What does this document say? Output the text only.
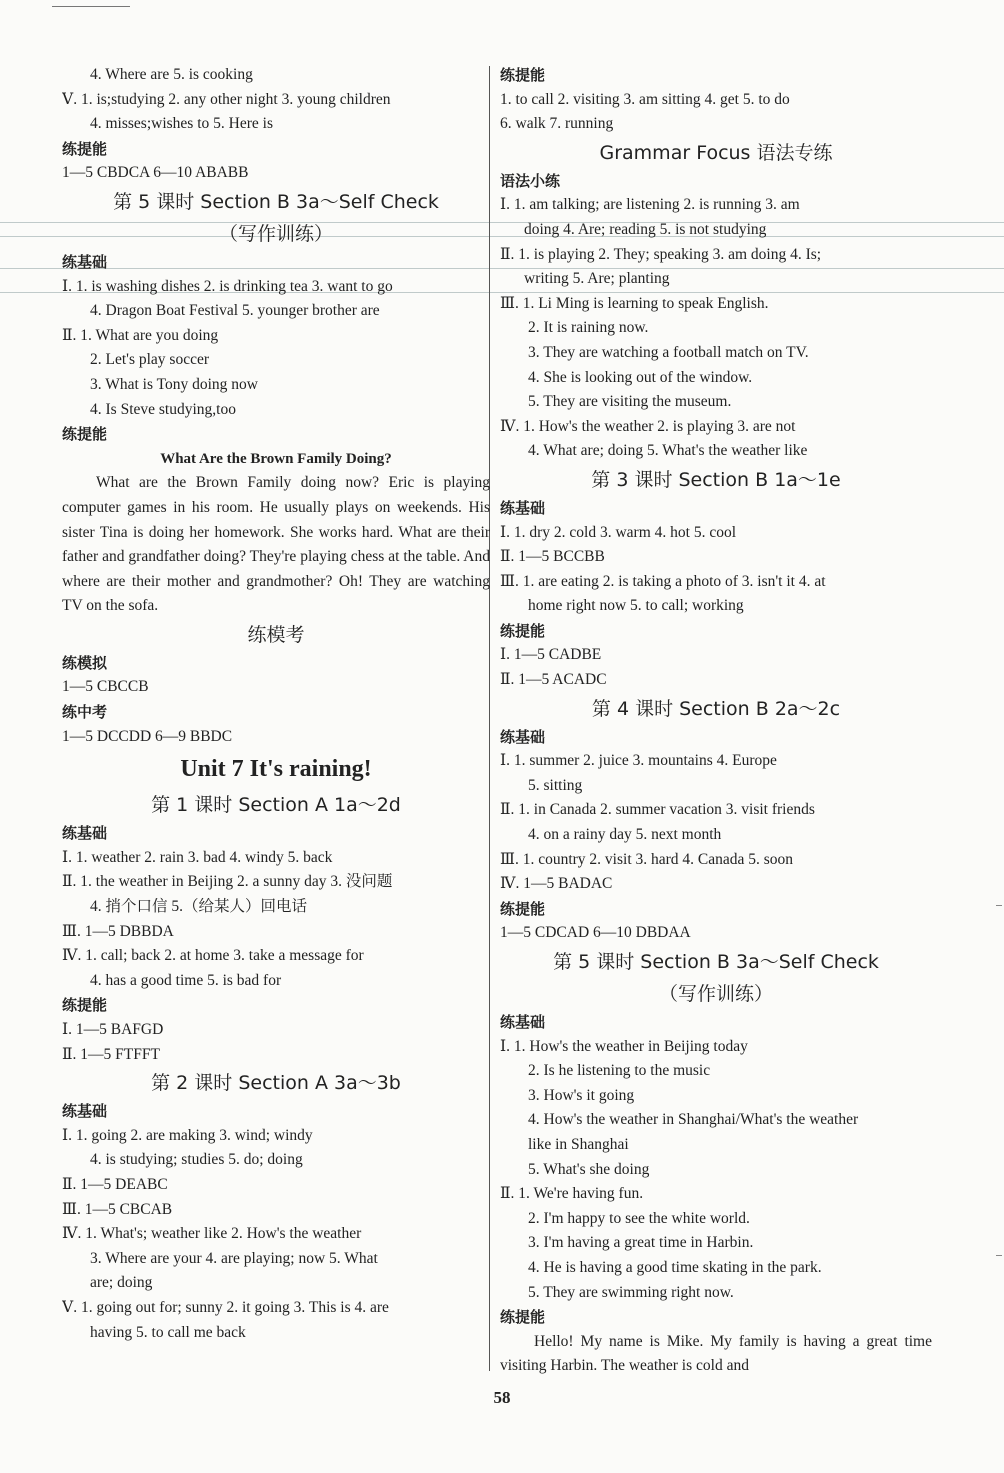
4. Where are 5. is cooking
Ⅴ. 1. is;studying 2. any other night 3. young children
4. misses;wishes to 5. Here is
练提能
1—5 CBDCA 6—10 ABABB
第 5 课时 Section B 3a～Self Check
（写作训练）
练基础
Ⅰ. 1. is washing dishes 2. is drinking tea 3. want to go
4. Dragon Boat Festival 5. younger brother are
Ⅱ. 1. What are you doing
2. Let's play soccer
3. What is Tony doing now
4. Is Steve studying,too
练提能
What Are the Brown Family Doing?
What are the Brown Family doing now? Eric is playing computer games in his room. He usually plays on weekends. His sister Tina is doing her homework. She works hard. What are their father and grandfather doing? They're playing chess at the table. And where are their mother and grandmother? Oh! They are watching TV on the sofa.
练模考
练模拟
1—5 CBCCB
练中考
1—5 DCCDD 6—9 BBDC
Unit 7 It's raining!
第 1 课时 Section A 1a～2d
练基础
Ⅰ. 1. weather 2. rain 3. bad 4. windy 5. back
Ⅱ. 1. the weather in Beijing 2. a sunny day 3. 没问题
4. 捎个口信 5.（给某人）回电话
Ⅲ. 1—5 DBBDA
Ⅳ. 1. call; back 2. at home 3. take a message for
4. has a good time 5. is bad for
练提能
Ⅰ. 1—5 BAFGD
Ⅱ. 1—5 FTFFT
第 2 课时 Section A 3a～3b
练基础
Ⅰ. 1. going 2. are making 3. wind; windy
4. is studying; studies 5. do; doing
Ⅱ. 1—5 DEABC
Ⅲ. 1—5 CBCAB
Ⅳ. 1. What's; weather like 2. How's the weather
3. Where are your 4. are playing; now 5. What
are; doing
Ⅴ. 1. going out for; sunny 2. it going 3. This is 4. are
having 5. to call me back
练提能
1. to call 2. visiting 3. am sitting 4. get 5. to do
6. walk 7. running
Grammar Focus 语法专练
语法小练
Ⅰ. 1. am talking; are listening 2. is running 3. am
doing 4. Are; reading 5. is not studying
Ⅱ. 1. is playing 2. They; speaking 3. am doing 4. Is;
writing 5. Are; planting
Ⅲ. 1. Li Ming is learning to speak English.
2. It is raining now.
3. They are watching a football match on TV.
4. She is looking out of the window.
5. They are visiting the museum.
Ⅳ. 1. How's the weather 2. is playing 3. are not
4. What are; doing 5. What's the weather like
第 3 课时 Section B 1a～1e
练基础
Ⅰ. 1. dry 2. cold 3. warm 4. hot 5. cool
Ⅱ. 1—5 BCCBB
Ⅲ. 1. are eating 2. is taking a photo of 3. isn't it 4. at
home right now 5. to call; working
练提能
Ⅰ. 1—5 CADBE
Ⅱ. 1—5 ACADC
第 4 课时 Section B 2a～2c
练基础
Ⅰ. 1. summer 2. juice 3. mountains 4. Europe
5. sitting
Ⅱ. 1. in Canada 2. summer vacation 3. visit friends
4. on a rainy day 5. next month
Ⅲ. 1. country 2. visit 3. hard 4. Canada 5. soon
Ⅳ. 1—5 BADAC
练提能
1—5 CDCAD 6—10 DBDAA
第 5 课时 Section B 3a～Self Check
（写作训练）
练基础
Ⅰ. 1. How's the weather in Beijing today
2. Is he listening to the music
3. How's it going
4. How's the weather in Shanghai/What's the weather
like in Shanghai
5. What's she doing
Ⅱ. 1. We're having fun.
2. I'm happy to see the white world.
3. I'm having a great time in Harbin.
4. He is having a good time skating in the park.
5. They are swimming right now.
练提能
Hello! My name is Mike. My family is having a great time visiting Harbin. The weather is cold and
58
